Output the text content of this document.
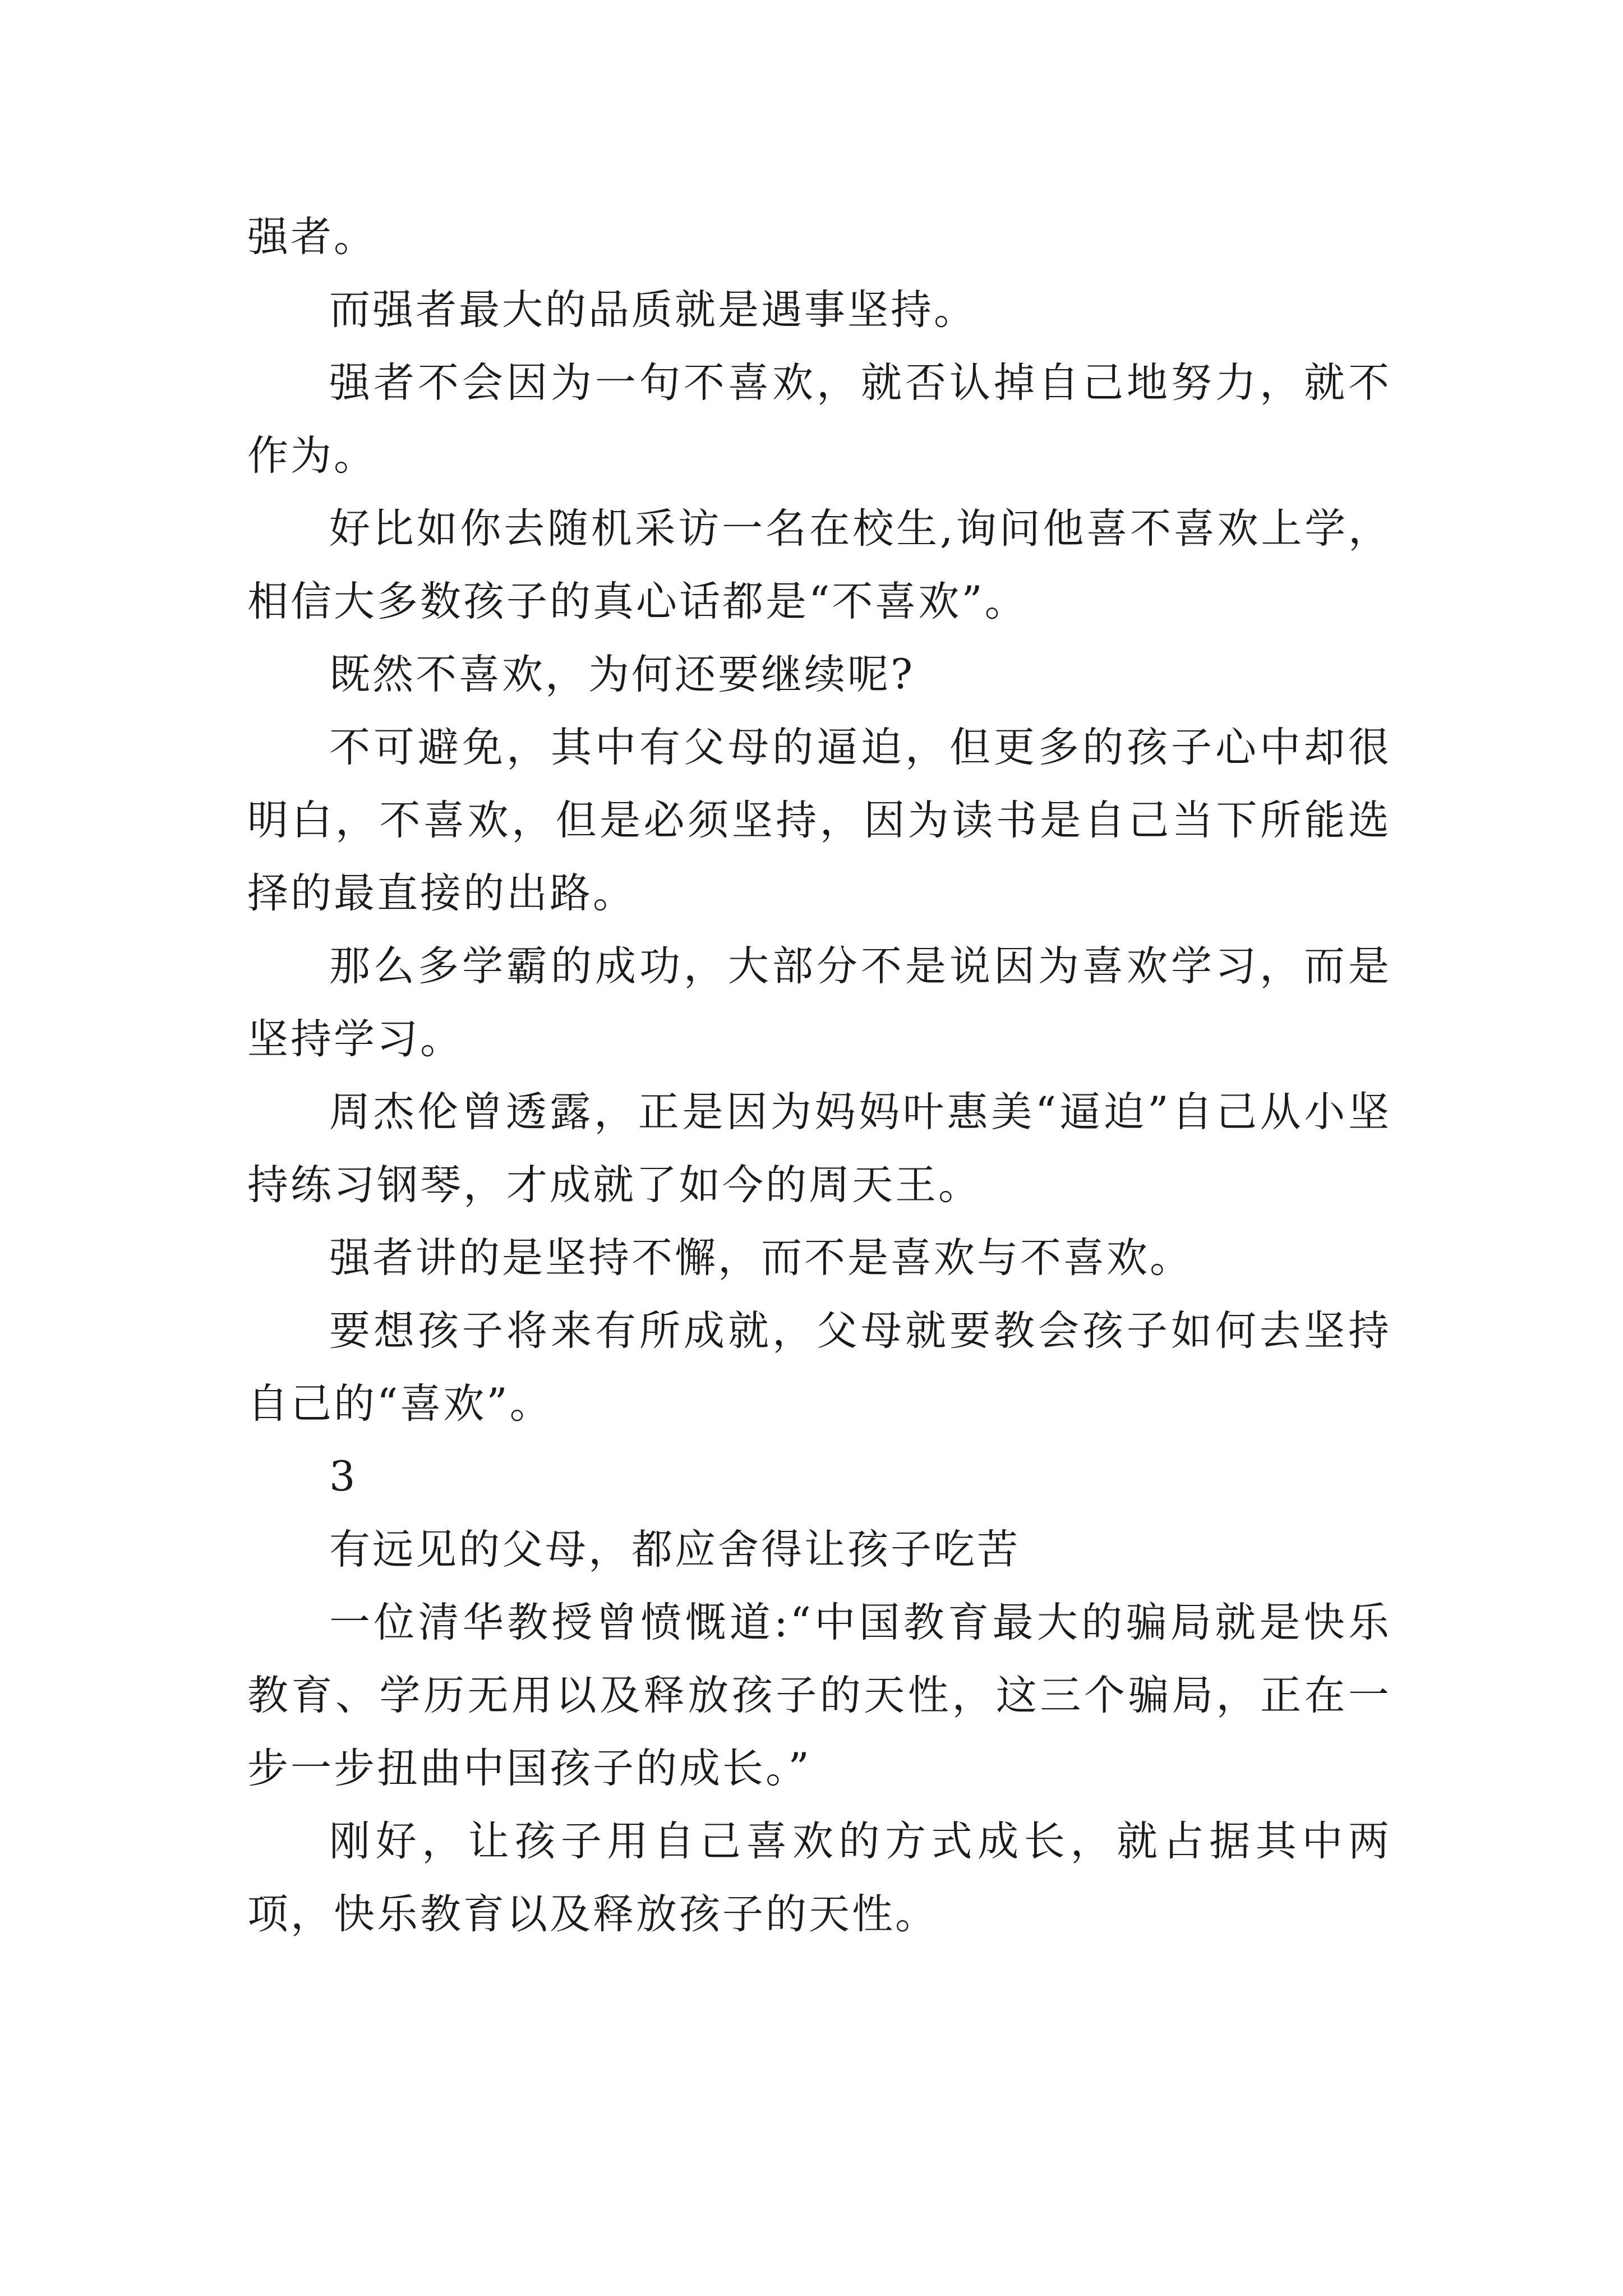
强者。

而强者最大的品质就是遇事坚持。

强者不会因为一句不喜欢，就否认掉自己地努力，就不作为。

好比如你去随机采访一名在校生,询问他喜不喜欢上学，相信大多数孩子的真心话都是“不喜欢”。

既然不喜欢，为何还要继续呢?

不可避免，其中有父母的逼迫，但更多的孩子心中却很明白，不喜欢，但是必须坚持，因为读书是自己当下所能选择的最直接的出路。

那么多学霸的成功，大部分不是说因为喜欢学习，而是坚持学习。

周杰伦曾透露，正是因为妈妈叶惠美“逼迫”自己从小坚持练习钢琴，才成就了如今的周天王。

强者讲的是坚持不懈，而不是喜欢与不喜欢。

要想孩子将来有所成就，父母就要教会孩子如何去坚持自己的“喜欢”。

3

有远见的父母，都应舍得让孩子吃苦

一位清华教授曾愤慨道:“中国教育最大的骗局就是快乐教育、学历无用以及释放孩子的天性，这三个骗局，正在一步一步扭曲中国孩子的成长。”

刚好，让孩子用自己喜欢的方式成长，就占据其中两项，快乐教育以及释放孩子的天性。
